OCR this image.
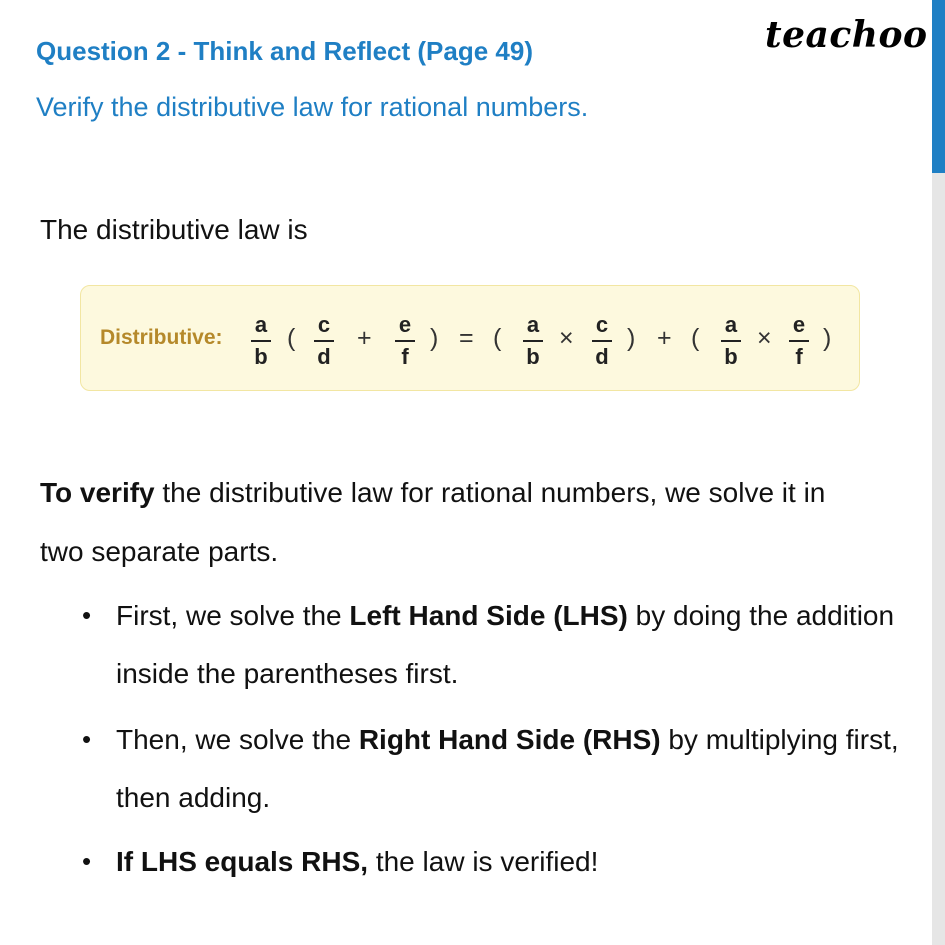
teachoo
Question 2 - Think and Reflect (Page 49)
Verify the distributive law for rational numbers.
The distributive law is
Distributive:
a
b
( c
d
+ e
f
) = ( a
b
× c
d
) + ( a
b
× e
f
)
To verify the distributive law for rational numbers, we solve it in
two separate parts.
• First, we solve the Left Hand Side (LHS) by doing the addition
inside the parentheses first.
• Then, we solve the Right Hand Side (RHS) by multiplying first,
then adding.
• If LHS equals RHS, the law is verified!
